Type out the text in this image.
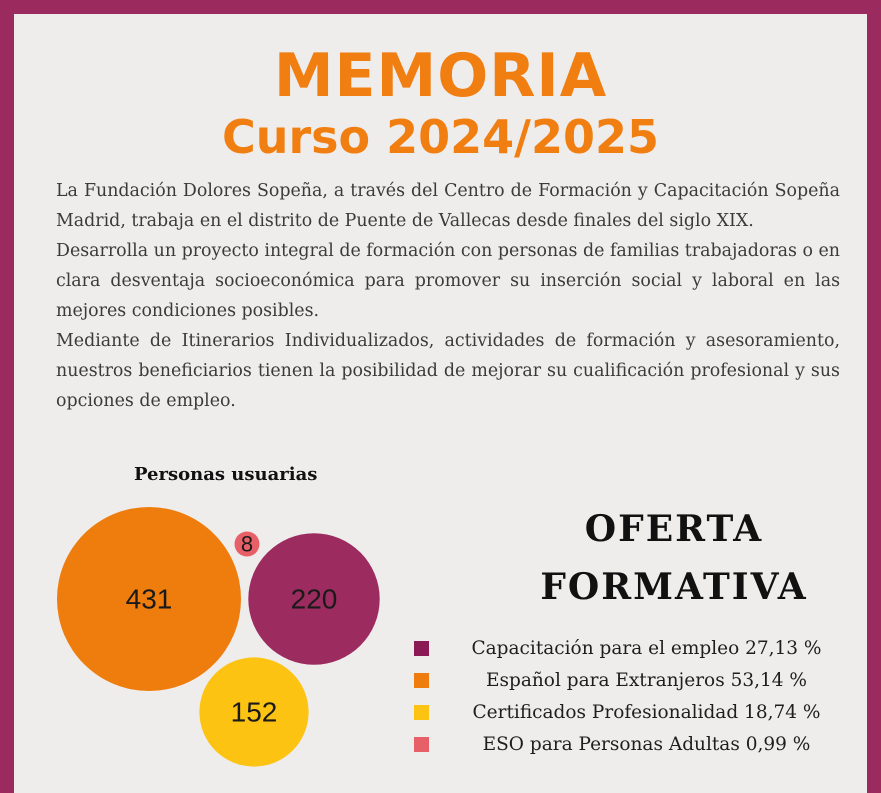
MEMORIA
Curso 2024/2025

La Fundación Dolores Sopeña, a través del Centro de Formación y Capacitación Sopeña Madrid, trabaja en el distrito de Puente de Vallecas desde finales del siglo XIX.

Desarrolla un proyecto integral de formación con personas de familias trabajadoras o en clara desventaja socioeconómica para promover su inserción social y laboral en las mejores condiciones posibles.

Mediante de Itinerarios Individualizados, actividades de formación y asesoramiento, nuestros beneficiarios tienen la posibilidad de mejorar su cualificación profesional y sus opciones de empleo.

Personas usuarias
431	220
152
8	OFERTA
FORMATIVA
Capacitación para el empleo 27,13 %
Español para Extranjeros 53,14 %
Certificados Profesionalidad 18,74 %
ESO para Personas Adultas 0,99 %
